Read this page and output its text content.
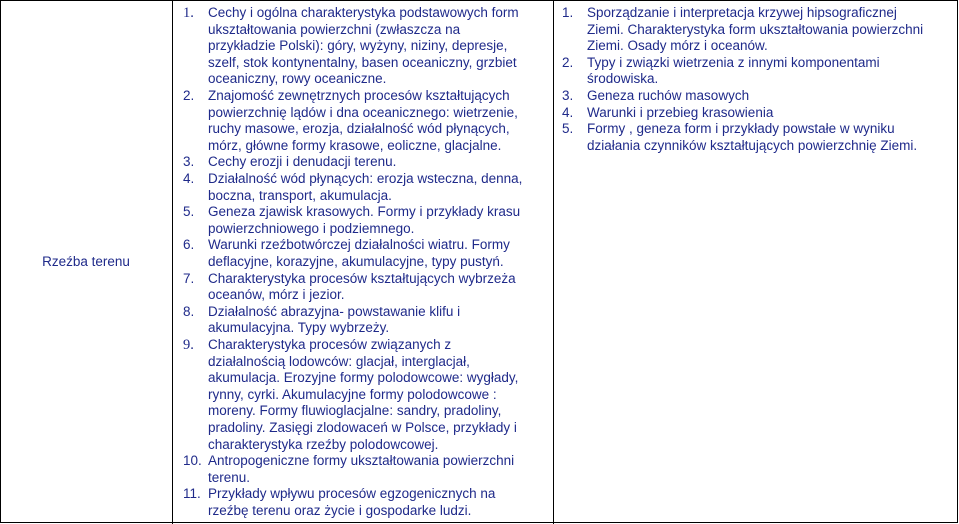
Rzeźba terenu
1. Cechy i ogólna charakterystyka podstawowych form
ukształtowania powierzchni (zwłaszcza na
przykładzie Polski): góry, wyżyny, niziny, depresje,
szelf, stok kontynentalny, basen oceaniczny, grzbiet
oceaniczny, rowy oceaniczne.
2. Znajomość zewnętrznych procesów kształtujących
powierzchnię lądów i dna oceanicznego: wietrzenie,
ruchy masowe, erozja, działalność wód płynących,
mórz, główne formy krasowe, eoliczne, glacjalne.
3. Cechy erozji i denudacji terenu.
4. Działalność wód płynących: erozja wsteczna, denna,
boczna, transport, akumulacja.
5. Geneza zjawisk krasowych. Formy i przykłady krasu
powierzchniowego i podziemnego.
6. Warunki rzeźbotwórczej działalności wiatru. Formy
deflacyjne, korazyjne, akumulacyjne, typy pustyń.
7. Charakterystyka procesów kształtujących wybrzeża
oceanów, mórz i jezior.
8. Działalność abrazyjna- powstawanie klifu i
akumulacyjna. Typy wybrzeży.
9. Charakterystyka procesów związanych z
działalnością lodowców: glacjał, interglacjał,
akumulacja. Erozyjne formy polodowcowe: wygłady,
rynny, cyrki. Akumulacyjne formy polodowcowe :
moreny. Formy fluwioglacjalne: sandry, pradoliny,
pradoliny. Zasięgi zlodowaceń w Polsce, przykłady i
charakterystyka rzeźby polodowcowej.
10. Antropogeniczne formy ukształtowania powierzchni
terenu.
11. Przykłady wpływu procesów egzogenicznych na
rzeźbę terenu oraz życie i gospodarke ludzi.
1. Sporządzanie i interpretacja krzywej hipsograficznej
Ziemi. Charakterystyka form ukształtowania powierzchni
Ziemi. Osady mórz i oceanów.
2. Typy i związki wietrzenia z innymi komponentami
środowiska.
3. Geneza ruchów masowych
4. Warunki i przebieg krasowienia
5. Formy , geneza form i przykłady powstałe w wyniku
działania czynników kształtujących powierzchnię Ziemi.
